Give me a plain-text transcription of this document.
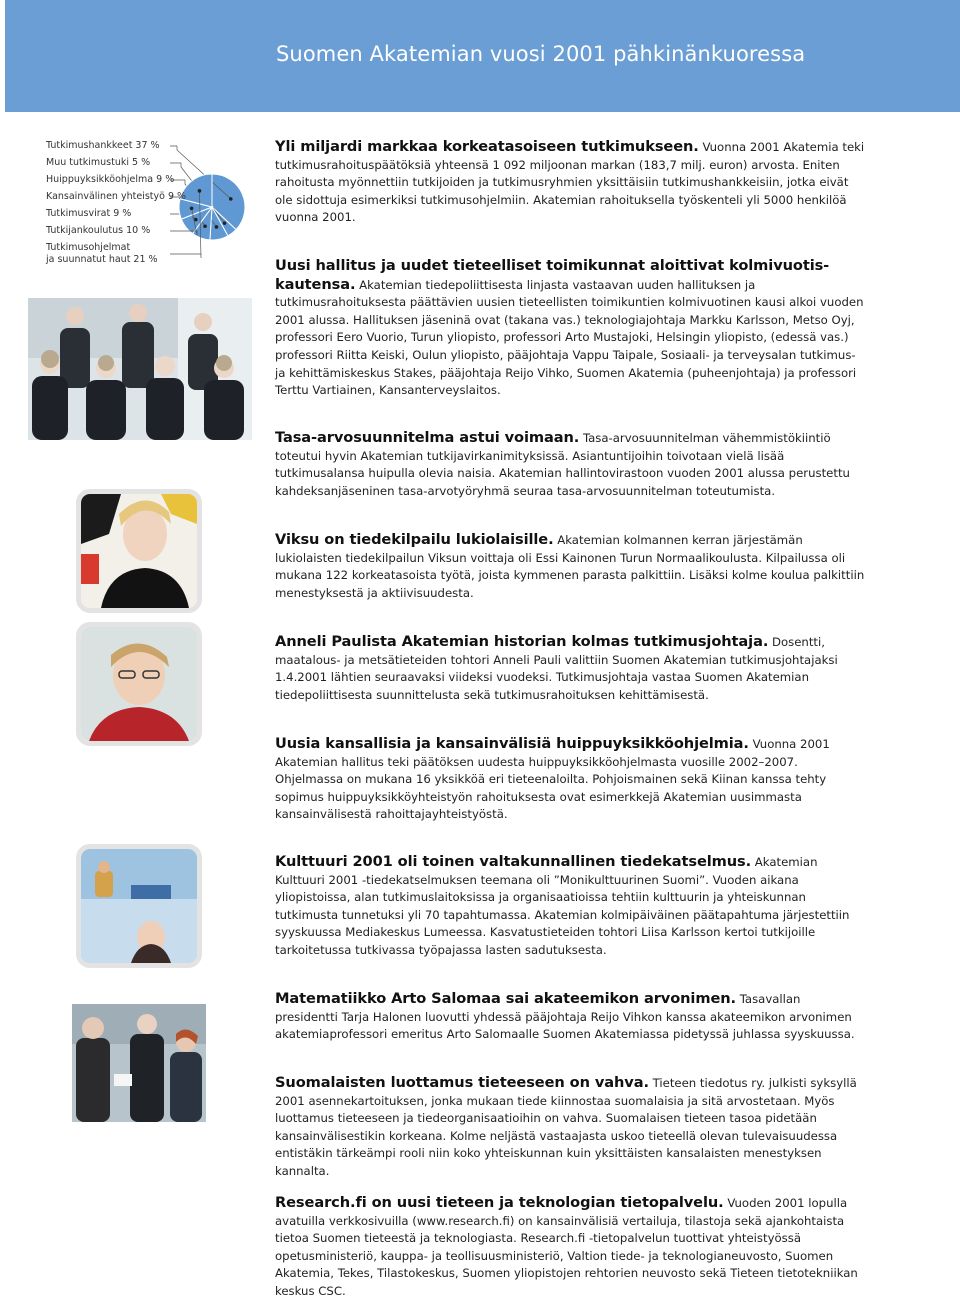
Suomen Akatemian vuosi 2001 pähkinänkuoressa
Tutkimushankkeet 37 %
Muu tutkimustuki 5 %
Huippuyksikköohjelma 9 %
Kansainvälinen yhteistyö 9 %
Tutkimusvirat 9 %
Tutkijankoulutus 10 %
Tutkimusohjelmat
ja suunnatut haut 21 %

Yli miljardi markkaa korkeatasoiseen tutkimukseen. Vuonna 2001 Akatemia teki tutkimusrahoituspäätöksiä yhteensä 1 092 miljoonan markan (183,7 milj. euron) arvosta. Eniten rahoitusta myönnettiin tutkijoiden ja tutkimusryhmien yksittäisiin tutkimushankkeisiin, jotka eivät ole sidottuja esimerkiksi tutkimusohjelmiin. Akatemian rahoituksella työskenteli yli 5000 henkilöä vuonna 2001.

Uusi hallitus ja uudet tieteelliset toimikunnat aloittivat kolmivuotis-kautensa. Akatemian tiedepoliittisesta linjasta vastaavan uuden hallituksen ja tutkimusrahoituksesta päättävien uusien tieteellisten toimikuntien kolmivuotinen kausi alkoi vuoden 2001 alussa. Hallituksen jäseninä ovat (takana vas.) teknologiajohtaja Markku Karlsson, Metso Oyj, professori Eero Vuorio, Turun yliopisto, professori Arto Mustajoki, Helsingin yliopisto, (edessä vas.) professori Riitta Keiski, Oulun yliopisto, pääjohtaja Vappu Taipale, Sosiaali- ja terveysalan tutkimus- ja kehittämiskeskus Stakes, pääjohtaja Reijo Vihko, Suomen Akatemia (puheenjohtaja) ja professori Terttu Vartiainen, Kansanterveyslaitos.

Tasa-arvosuunnitelma astui voimaan. Tasa-arvosuunnitelman vähemmistökiintiö toteutui hyvin Akatemian tutkijavirkanimityksissä. Asiantuntijoihin toivotaan vielä lisää tutkimusalansa huipulla olevia naisia. Akatemian hallintovirastoon vuoden 2001 alussa perustettu kahdeksanjäseninen tasa-arvotyöryhmä seuraa tasa-arvosuunnitelman toteutumista.

Viksu on tiedekilpailu lukiolaisille. Akatemian kolmannen kerran järjestämän lukiolaisten tiedekilpailun Viksun voittaja oli Essi Kainonen Turun Normaalikoulusta. Kilpailussa oli mukana 122 korkeatasoista työtä, joista kymmenen parasta palkittiin. Lisäksi kolme koulua palkittiin menestyksestä ja aktiivisuudesta.

Anneli Paulista Akatemian historian kolmas tutkimusjohtaja. Dosentti, maatalous- ja metsätieteiden tohtori Anneli Pauli valittiin Suomen Akatemian tutkimusjohtajaksi 1.4.2001 lähtien seuraavaksi viideksi vuodeksi. Tutkimusjohtaja vastaa Suomen Akatemian tiedepoliittisesta suunnittelusta sekä tutkimusrahoituksen kehittämisestä.

Uusia kansallisia ja kansainvälisiä huippuyksikköohjelmia. Vuonna 2001 Akatemian hallitus teki päätöksen uudesta huippuyksikköohjelmasta vuosille 2002–2007. Ohjelmassa on mukana 16 yksikköä eri tieteenaloilta. Pohjoismainen sekä Kiinan kanssa tehty sopimus huippuyksikköyhteistyön rahoituksesta ovat esimerkkejä Akatemian uusimmasta kansainvälisestä rahoittajayhteistyöstä.

Kulttuuri 2001 oli toinen valtakunnallinen tiedekatselmus. Akatemian Kulttuuri 2001 -tiedekatselmuksen teemana oli ”Monikulttuurinen Suomi”. Vuoden aikana yliopistoissa, alan tutkimuslaitoksissa ja organisaatioissa tehtiin kulttuurin ja yhteiskunnan tutkimusta tunnetuksi yli 70 tapahtumassa. Akatemian kolmipäiväinen päätapahtuma järjestettiin syyskuussa Mediakeskus Lumeessa. Kasvatustieteiden tohtori Liisa Karlsson kertoi tutkijoille tarkoitetussa tutkivassa työpajassa lasten sadutuksesta.

Matematiikko Arto Salomaa sai akateemikon arvonimen. Tasavallan presidentti Tarja Halonen luovutti yhdessä pääjohtaja Reijo Vihkon kanssa akateemikon arvonimen akatemiaprofessori emeritus Arto Salomaalle Suomen Akatemiassa pidetyssä juhlassa syyskuussa.

Suomalaisten luottamus tieteeseen on vahva. Tieteen tiedotus ry. julkisti syksyllä 2001 asennekartoituksen, jonka mukaan tiede kiinnostaa suomalaisia ja sitä arvostetaan. Myös luottamus tieteeseen ja tiedeorganisaatioihin on vahva. Suomalaisen tieteen tasoa pidetään kansainvälisestikin korkeana. Kolme neljästä vastaajasta uskoo tieteellä olevan tulevaisuudessa entistäkin tärkeämpi rooli niin koko yhteiskunnan kuin yksittäisten kansalaisten menestyksen kannalta.

Research.fi on uusi tieteen ja teknologian tietopalvelu. Vuoden 2001 lopulla avatuilla verkkosivuilla (www.research.fi) on kansainvälisiä vertailuja, tilastoja sekä ajankohtaista tietoa Suomen tieteestä ja teknologiasta. Research.fi -tietopalvelun tuottivat yhteistyössä opetusministeriö, kauppa- ja teollisuusministeriö, Valtion tiede- ja teknologianeuvosto, Suomen Akatemia, Tekes, Tilastokeskus, Suomen yliopistojen rehtorien neuvosto sekä Tieteen tietotekniikan keskus CSC.
